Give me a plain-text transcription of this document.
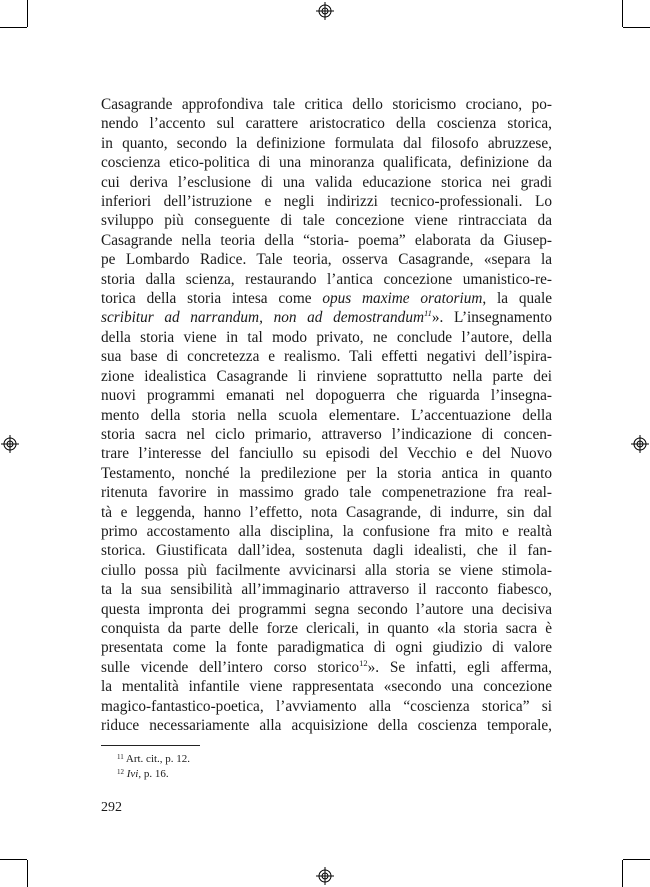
Casagrande approfondiva tale critica dello storicismo crociano, po-
nendo l’accento sul carattere aristocratico della coscienza storica,
in quanto, secondo la definizione formulata dal filosofo abruzzese,
coscienza etico-politica di una minoranza qualificata, definizione da
cui deriva l’esclusione di una valida educazione storica nei gradi
inferiori dell’istruzione e negli indirizzi tecnico-professionali. Lo
sviluppo più conseguente di tale concezione viene rintracciata da
Casagrande nella teoria della “storia- poema” elaborata da Giusep-
pe Lombardo Radice. Tale teoria, osserva Casagrande, «separa la
storia dalla scienza, restaurando l’antica concezione umanistico-re-
torica della storia intesa come opus maxime oratorium, la quale
scribitur ad narrandum, non ad demostrandum$^{11}$». L’insegnamento
della storia viene in tal modo privato, ne conclude l’autore, della
sua base di concretezza e realismo. Tali effetti negativi dell’ispira-
zione idealistica Casagrande li rinviene soprattutto nella parte dei
nuovi programmi emanati nel dopoguerra che riguarda l’insegna-
mento della storia nella scuola elementare. L’accentuazione della
storia sacra nel ciclo primario, attraverso l’indicazione di concen-
trare l’interesse del fanciullo su episodi del Vecchio e del Nuovo
Testamento, nonché la predilezione per la storia antica in quanto
ritenuta favorire in massimo grado tale compenetrazione fra real-
tà e leggenda, hanno l’effetto, nota Casagrande, di indurre, sin dal
primo accostamento alla disciplina, la confusione fra mito e realtà
storica. Giustificata dall’idea, sostenuta dagli idealisti, che il fan-
ciullo possa più facilmente avvicinarsi alla storia se viene stimola-
ta la sua sensibilità all’immaginario attraverso il racconto fiabesco,
questa impronta dei programmi segna secondo l’autore una decisiva
conquista da parte delle forze clericali, in quanto «la storia sacra è
presentata come la fonte paradigmatica di ogni giudizio di valore
sulle vicende dell’intero corso storico$^{12}$». Se infatti, egli afferma,
la mentalità infantile viene rappresentata «secondo una concezione
magico-fantastico-poetica, l’avviamento alla “coscienza storica” si
riduce necessariamente alla acquisizione della coscienza temporale,
$^{11}$ Art. cit., p. 12.
$^{12}$ Ivi, p. 16.
292
